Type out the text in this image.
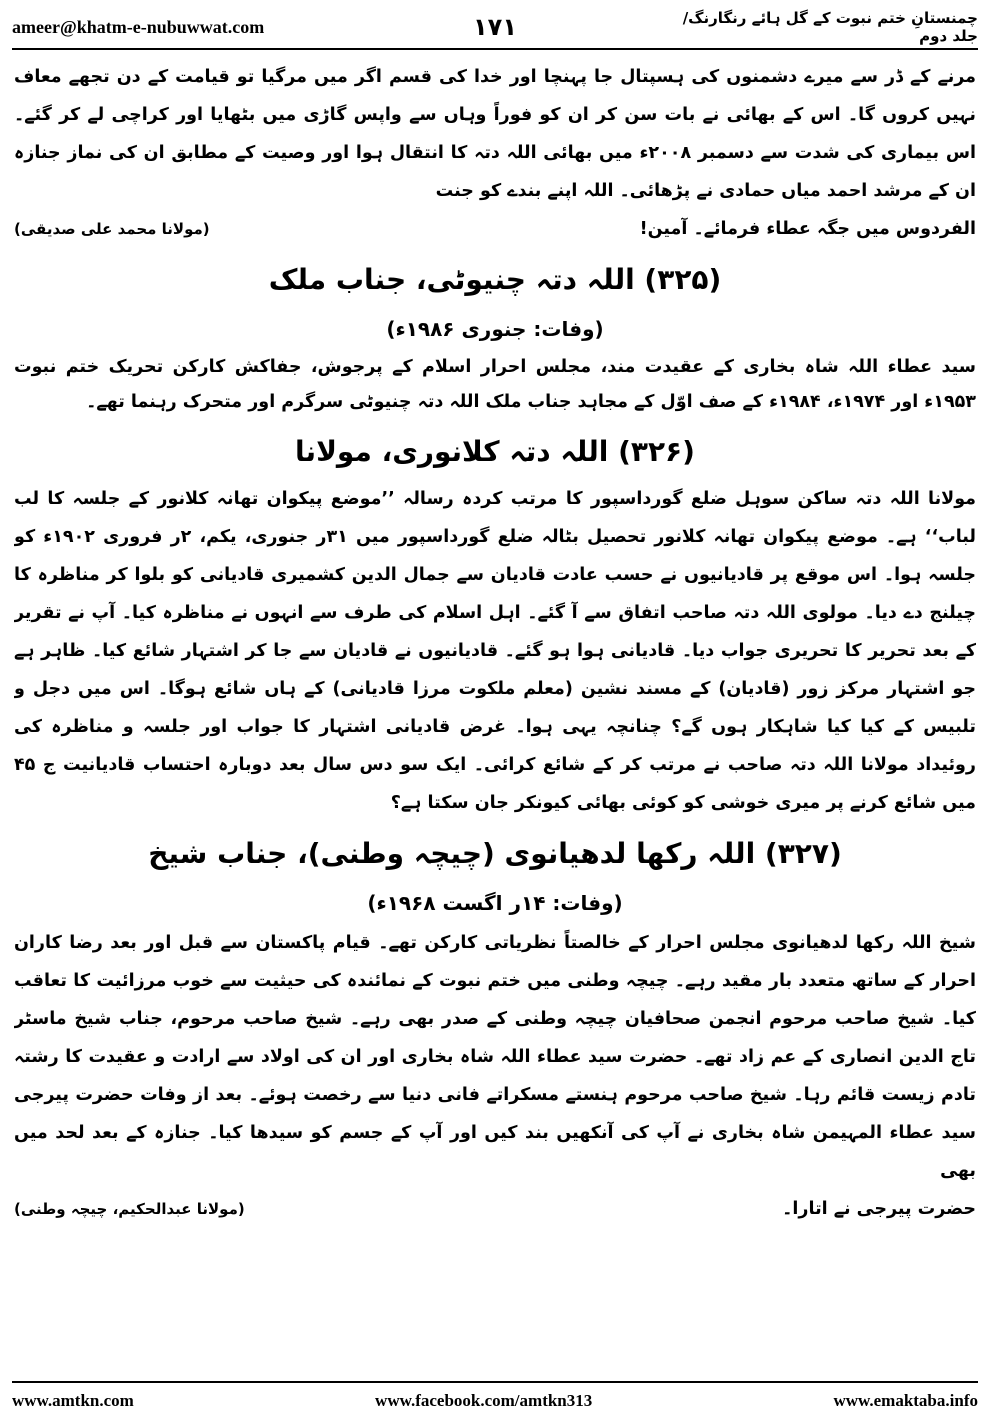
ameer@khatm-e-nubuwwat.com	۱۷۱	چمنستانِ ختم نبوت کے گل ہائے رنگارنگ/جلد دوم

مرنے کے ڈر سے میرے دشمنوں کی ہسپتال جا پہنچا اور خدا کی قسم اگر میں مرگیا تو قیامت کے دن تجھے معاف نہیں کروں گا۔ اس کے بھائی نے بات سن کر ان کو فوراً وہاں سے واپس گاڑی میں بٹھایا اور کراچی لے کر گئے۔ اس بیماری کی شدت سے دسمبر ۲۰۰۸ء میں بھائی اللہ دتہ کا انتقال ہوا اور وصیت کے مطابق ان کی نماز جنازہ ان کے مرشد احمد میاں حمادی نے پڑھائی۔ اللہ اپنے بندے کو جنت

الفردوس میں جگہ عطاء فرمائے۔ آمین!
(مولانا محمد علی صدیقی)
(۳۲۵) اللہ دتہ چنیوٹی، جناب ملک
(وفات: جنوری ۱۹۸۶ء)

سید عطاء اللہ شاہ بخاری کے عقیدت مند، مجلس احرار اسلام کے پرجوش، جفاکش کارکن تحریک ختم نبوت ۱۹۵۳ء اور ۱۹۷۴ء، ۱۹۸۴ء کے صف اوّل کے مجاہد جناب ملک اللہ دتہ چنیوٹی سرگرم اور متحرک رہنما تھے۔

(۳۲۶) اللہ دتہ کلانوری، مولانا

مولانا اللہ دتہ ساکن سوہل ضلع گورداسپور کا مرتب کردہ رسالہ ’’موضع پیکوان تھانہ کلانور کے جلسہ کا لب لباب‘‘ ہے۔ موضع پیکوان تھانہ کلانور تحصیل بٹالہ ضلع گورداسپور میں ۳۱ر جنوری، یکم، ۲ر فروری ۱۹۰۲ء کو جلسہ ہوا۔ اس موقع پر قادیانیوں نے حسب عادت قادیان سے جمال الدین کشمیری قادیانی کو بلوا کر مناظرہ کا چیلنج دے دیا۔ مولوی اللہ دتہ صاحب اتفاق سے آ گئے۔ اہل اسلام کی طرف سے انہوں نے مناظرہ کیا۔ آپ نے تقریر کے بعد تحریر کا تحریری جواب دیا۔ قادیانی ہوا ہو گئے۔ قادیانیوں نے قادیان سے جا کر اشتہار شائع کیا۔ ظاہر ہے جو اشتہار مرکز زور (قادیان) کے مسند نشین (معلم ملکوت مرزا قادیانی) کے ہاں شائع ہوگا۔ اس میں دجل و تلبیس کے کیا کیا شاہکار ہوں گے؟ چنانچہ یہی ہوا۔ غرض قادیانی اشتہار کا جواب اور جلسہ و مناظرہ کی روئیداد مولانا اللہ دتہ صاحب نے مرتب کر کے شائع کرائی۔ ایک سو دس سال بعد دوبارہ احتساب قادیانیت ج ۴۵ میں شائع کرنے پر میری خوشی کو کوئی بھائی کیونکر جان سکتا ہے؟

(۳۲۷) اللہ رکھا لدھیانوی (چیچہ وطنی)، جناب شیخ
(وفات: ۱۴ر اگست ۱۹۶۸ء)

شیخ اللہ رکھا لدھیانوی مجلس احرار کے خالصتاً نظریاتی کارکن تھے۔ قیام پاکستان سے قبل اور بعد رضا کاران احرار کے ساتھ متعدد بار مقید رہے۔ چیچہ وطنی میں ختم نبوت کے نمائندہ کی حیثیت سے خوب مرزائیت کا تعاقب کیا۔ شیخ صاحب مرحوم انجمن صحافیان چیچہ وطنی کے صدر بھی رہے۔ شیخ صاحب مرحوم، جناب شیخ ماسٹر تاج الدین انصاری کے عم زاد تھے۔ حضرت سید عطاء اللہ شاہ بخاری اور ان کی اولاد سے ارادت و عقیدت کا رشتہ تادم زیست قائم رہا۔ شیخ صاحب مرحوم ہنستے مسکراتے فانی دنیا سے رخصت ہوئے۔ بعد از وفات حضرت پیرجی سید عطاء المہیمن شاہ بخاری نے آپ کی آنکھیں بند کیں اور آپ کے جسم کو سیدھا کیا۔ جنازہ کے بعد لحد میں بھی

حضرت پیرجی نے اتارا۔
(مولانا عبدالحکیم، چیچہ وطنی)
www.amtkn.com	www.facebook.com/amtkn313	www.emaktaba.info
